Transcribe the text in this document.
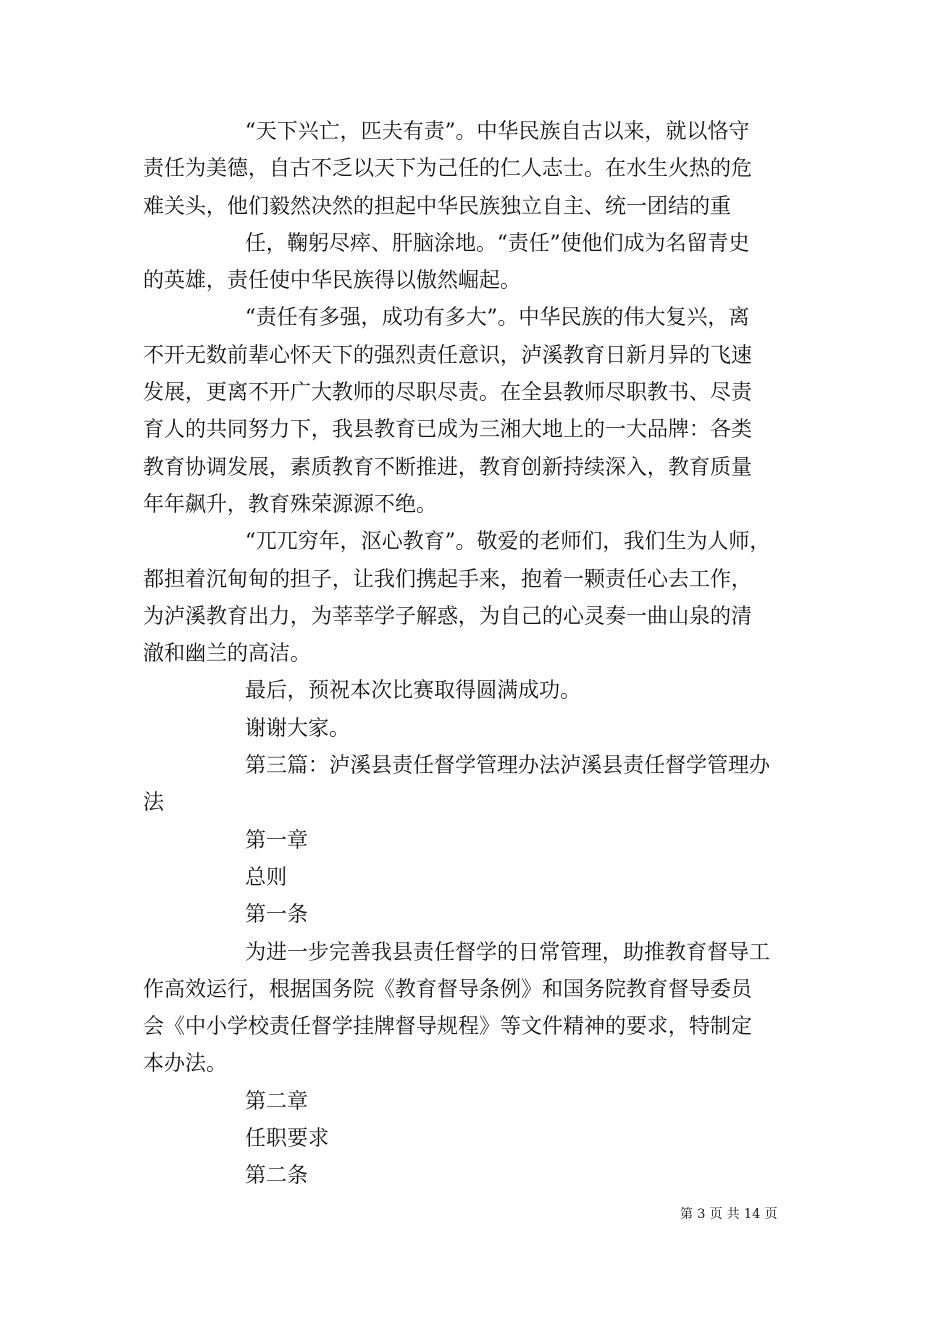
“天下兴亡，匹夫有责”。中华民族自古以来，就以恪守
责任为美德，自古不乏以天下为己任的仁人志士。在水生火热的危
难关头，他们毅然决然的担起中华民族独立自主、统一团结的重
任，鞠躬尽瘁、肝脑涂地。“责任”使他们成为名留青史
的英雄，责任使中华民族得以傲然崛起。
“责任有多强，成功有多大”。中华民族的伟大复兴，离
不开无数前辈心怀天下的强烈责任意识，泸溪教育日新月异的飞速
发展，更离不开广大教师的尽职尽责。在全县教师尽职教书、尽责
育人的共同努力下，我县教育已成为三湘大地上的一大品牌：各类
教育协调发展，素质教育不断推进，教育创新持续深入，教育质量
年年飙升，教育殊荣源源不绝。
“兀兀穷年，沤心教育”。敬爱的老师们，我们生为人师，
都担着沉甸甸的担子，让我们携起手来，抱着一颗责任心去工作，
为泸溪教育出力，为莘莘学子解惑，为自己的心灵奏一曲山泉的清
澈和幽兰的高洁。
最后，预祝本次比赛取得圆满成功。
谢谢大家。
第三篇：泸溪县责任督学管理办法泸溪县责任督学管理办
法
第一章
总则
第一条
为进一步完善我县责任督学的日常管理，助推教育督导工
作高效运行，根据国务院《教育督导条例》和国务院教育督导委员
会《中小学校责任督学挂牌督导规程》等文件精神的要求，特制定
本办法。
第二章
任职要求
第二条
第 3 页 共 14 页
